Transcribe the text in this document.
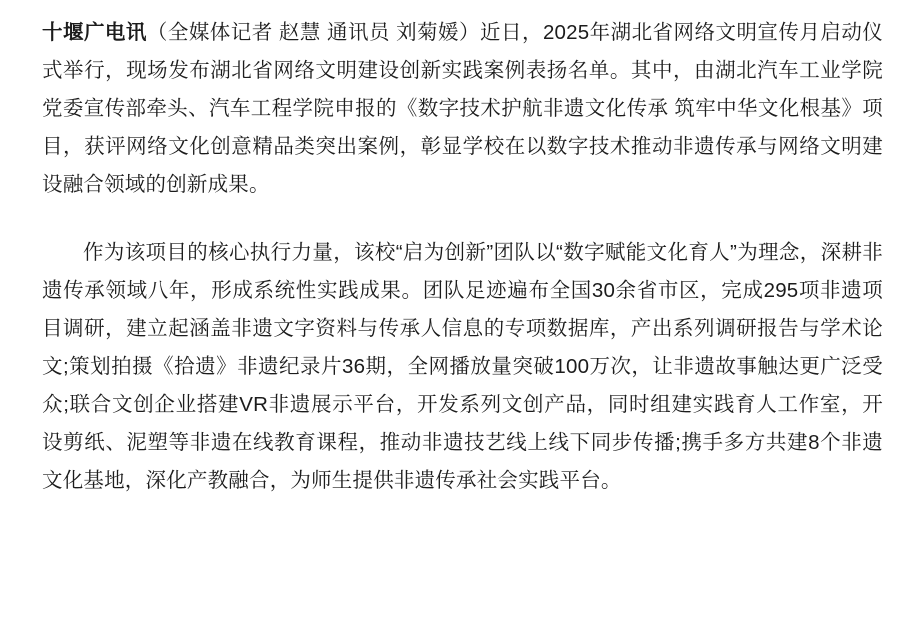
十堰广电讯（全媒体记者 赵慧 通讯员 刘菊媛）近日，2025年湖北省网络文明宣传月启动仪式举行，现场发布湖北省网络文明建设创新实践案例表扬名单。其中，由湖北汽车工业学院党委宣传部牵头、汽车工程学院申报的《数字技术护航非遗文化传承 筑牢中华文化根基》项目，获评网络文化创意精品类突出案例，彰显学校在以数字技术推动非遗传承与网络文明建设融合领域的创新成果。

作为该项目的核心执行力量，该校“启为创新”团队以“数字赋能文化育人”为理念，深耕非遗传承领域八年，形成系统性实践成果。团队足迹遍布全国30余省市区，完成295项非遗项目调研，建立起涵盖非遗文字资料与传承人信息的专项数据库，产出系列调研报告与学术论文;策划拍摄《拾遗》非遗纪录片36期，全网播放量突破100万次，让非遗故事触达更广泛受众;联合文创企业搭建VR非遗展示平台，开发系列文创产品，同时组建实践育人工作室，开设剪纸、泥塑等非遗在线教育课程，推动非遗技艺线上线下同步传播;携手多方共建8个非遗文化基地，深化产教融合，为师生提供非遗传承社会实践平台。
